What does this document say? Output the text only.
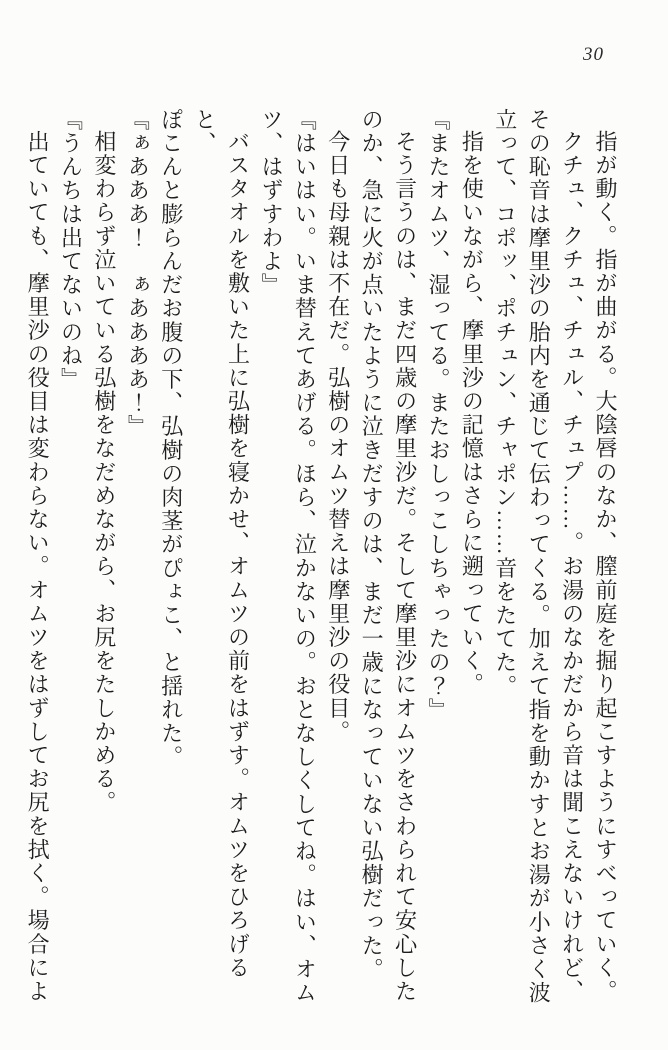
30

指が動く。指が曲がる。大陰唇のなか、膣前庭を掘り起こすようにすべっていく。

クチュ、クチュ、チュル、チュプ……。お湯のなかだから音は聞こえないけれど、

その恥音は摩里沙の胎内を通じて伝わってくる。加えて指を動かすとお湯が小さく波

立って、コポッ、ポチュン、チャポン……音をたてた。

指を使いながら、摩里沙の記憶はさらに遡っていく。

『またオムツ、湿ってる。またおしっこしちゃったの？』

そう言うのは、まだ四歳の摩里沙だ。そして摩里沙にオムツをさわられて安心した

のか、急に火が点いたように泣きだすのは、まだ一歳になっていない弘樹だった。

今日も母親は不在だ。弘樹のオムツ替えは摩里沙の役目。

『はいはい。いま替えてあげる。ほら、泣かないの。おとなしくしてね。はい、オム

ツ、はずすわよ』

バスタオルを敷いた上に弘樹を寝かせ、オムツの前をはずす。オムツをひろげると、

ぽこんと膨らんだお腹の下、弘樹の肉茎がぴょこ、と揺れた。

『ぁあああ！　ぁああああ！』

相変わらず泣いている弘樹をなだめながら、お尻をたしかめる。

『うんちは出てないのね』

出ていても、摩里沙の役目は変わらない。オムツをはずしてお尻を拭く。場合によ
